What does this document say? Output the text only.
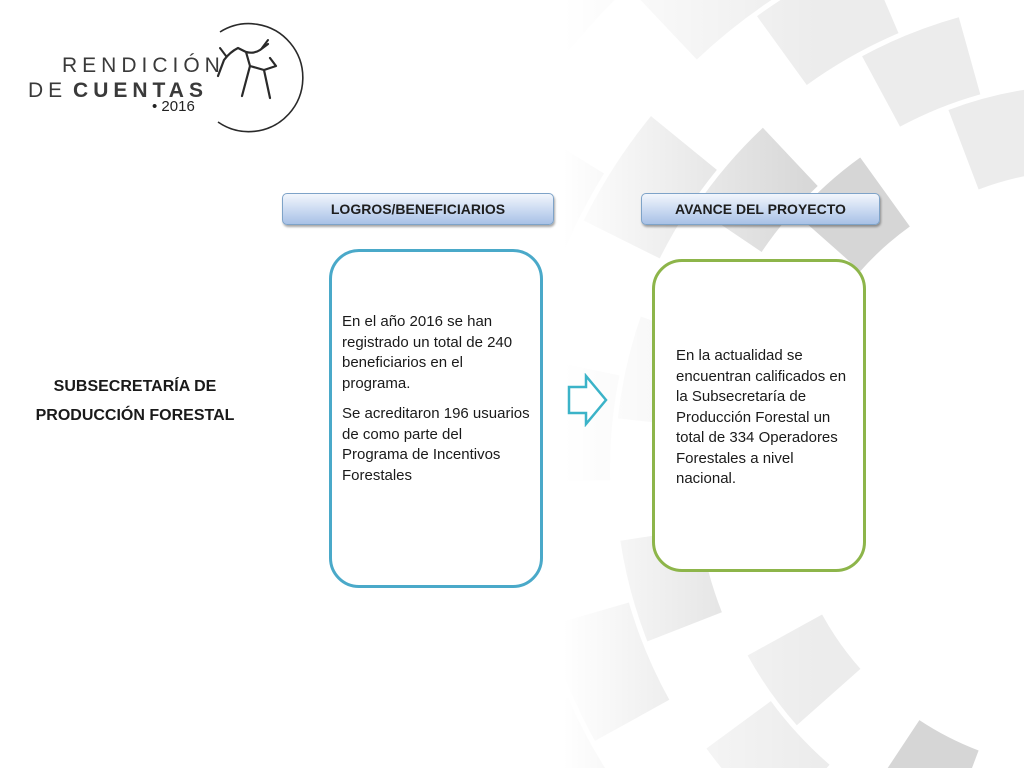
RENDICIÓN
DE CUENTAS
• 2016
LOGROS/BENEFICIARIOS	AVANCE DEL PROYECTO
SUBSECRETARÍA DE
PRODUCCIÓN FORESTAL

En el año 2016 se han registrado un total de 240 beneficiarios en el programa.

Se acreditaron 196 usuarios de como parte del Programa de Incentivos Forestales

En la actualidad se encuentran calificados en la Subsecretaría de Producción Forestal un total de 334 Operadores Forestales a nivel nacional.
